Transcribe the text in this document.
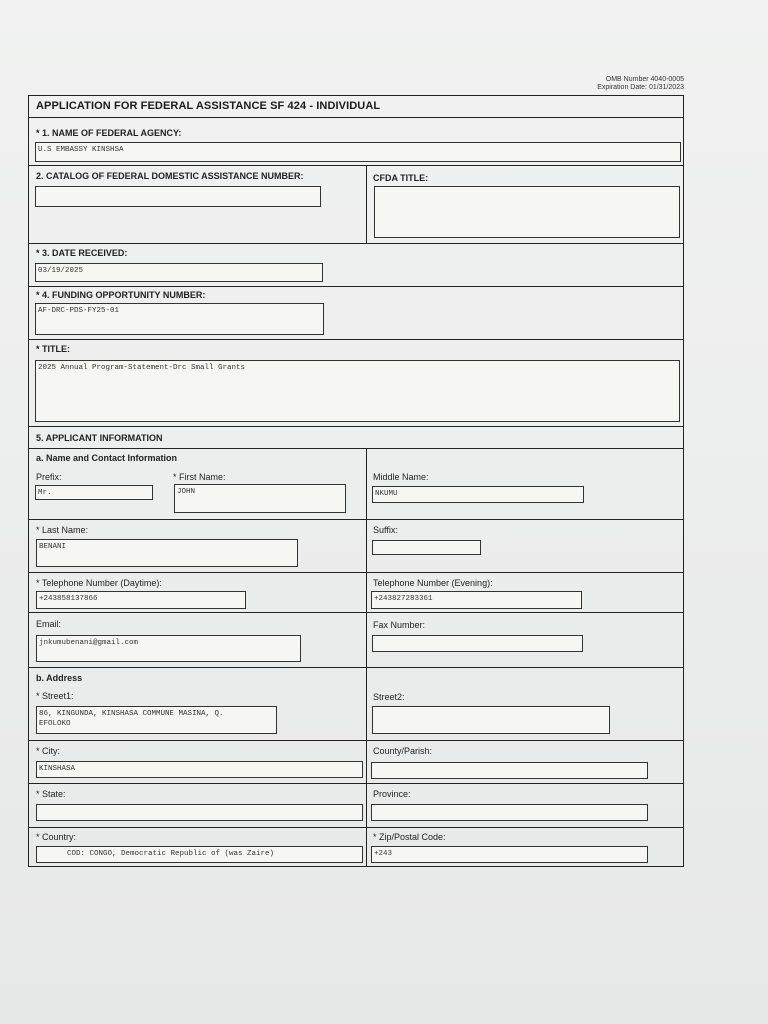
OMB Number 4040-0005
Expiration Date: 01/31/2023
APPLICATION FOR FEDERAL ASSISTANCE SF 424 - INDIVIDUAL
* 1. NAME OF FEDERAL AGENCY:
U.S EMBASSY KINSHSA
2. CATALOG OF FEDERAL DOMESTIC ASSISTANCE NUMBER:	CFDA TITLE:
* 3. DATE RECEIVED:
03/19/2025
* 4. FUNDING OPPORTUNITY NUMBER:
AF-DRC-PDS-FY25-01
* TITLE:
2025 Annual Program-Statement-Drc Small Grants
5. APPLICANT INFORMATION
a. Name and Contact Information
Prefix:
Mr.
* First Name:
JOHN
Middle Name:
NKUMU
* Last Name:
BENANI
Suffix:
* Telephone Number (Daytime):
+243858137866
Telephone Number (Evening):
+243827283361
Email:
jnkumubenani@gmail.com
Fax Number:
b. Address
* Street1:
86, KINGUNDA, KINSHASA COMMUNE MASINA, Q.
EFOLOKO
Street2:
* City:
KINSHASA
County/Parish:
* State:	Province:
* Country:
COD: CONGO, Democratic Republic of (was Zaire)
* Zip/Postal Code:
+243
